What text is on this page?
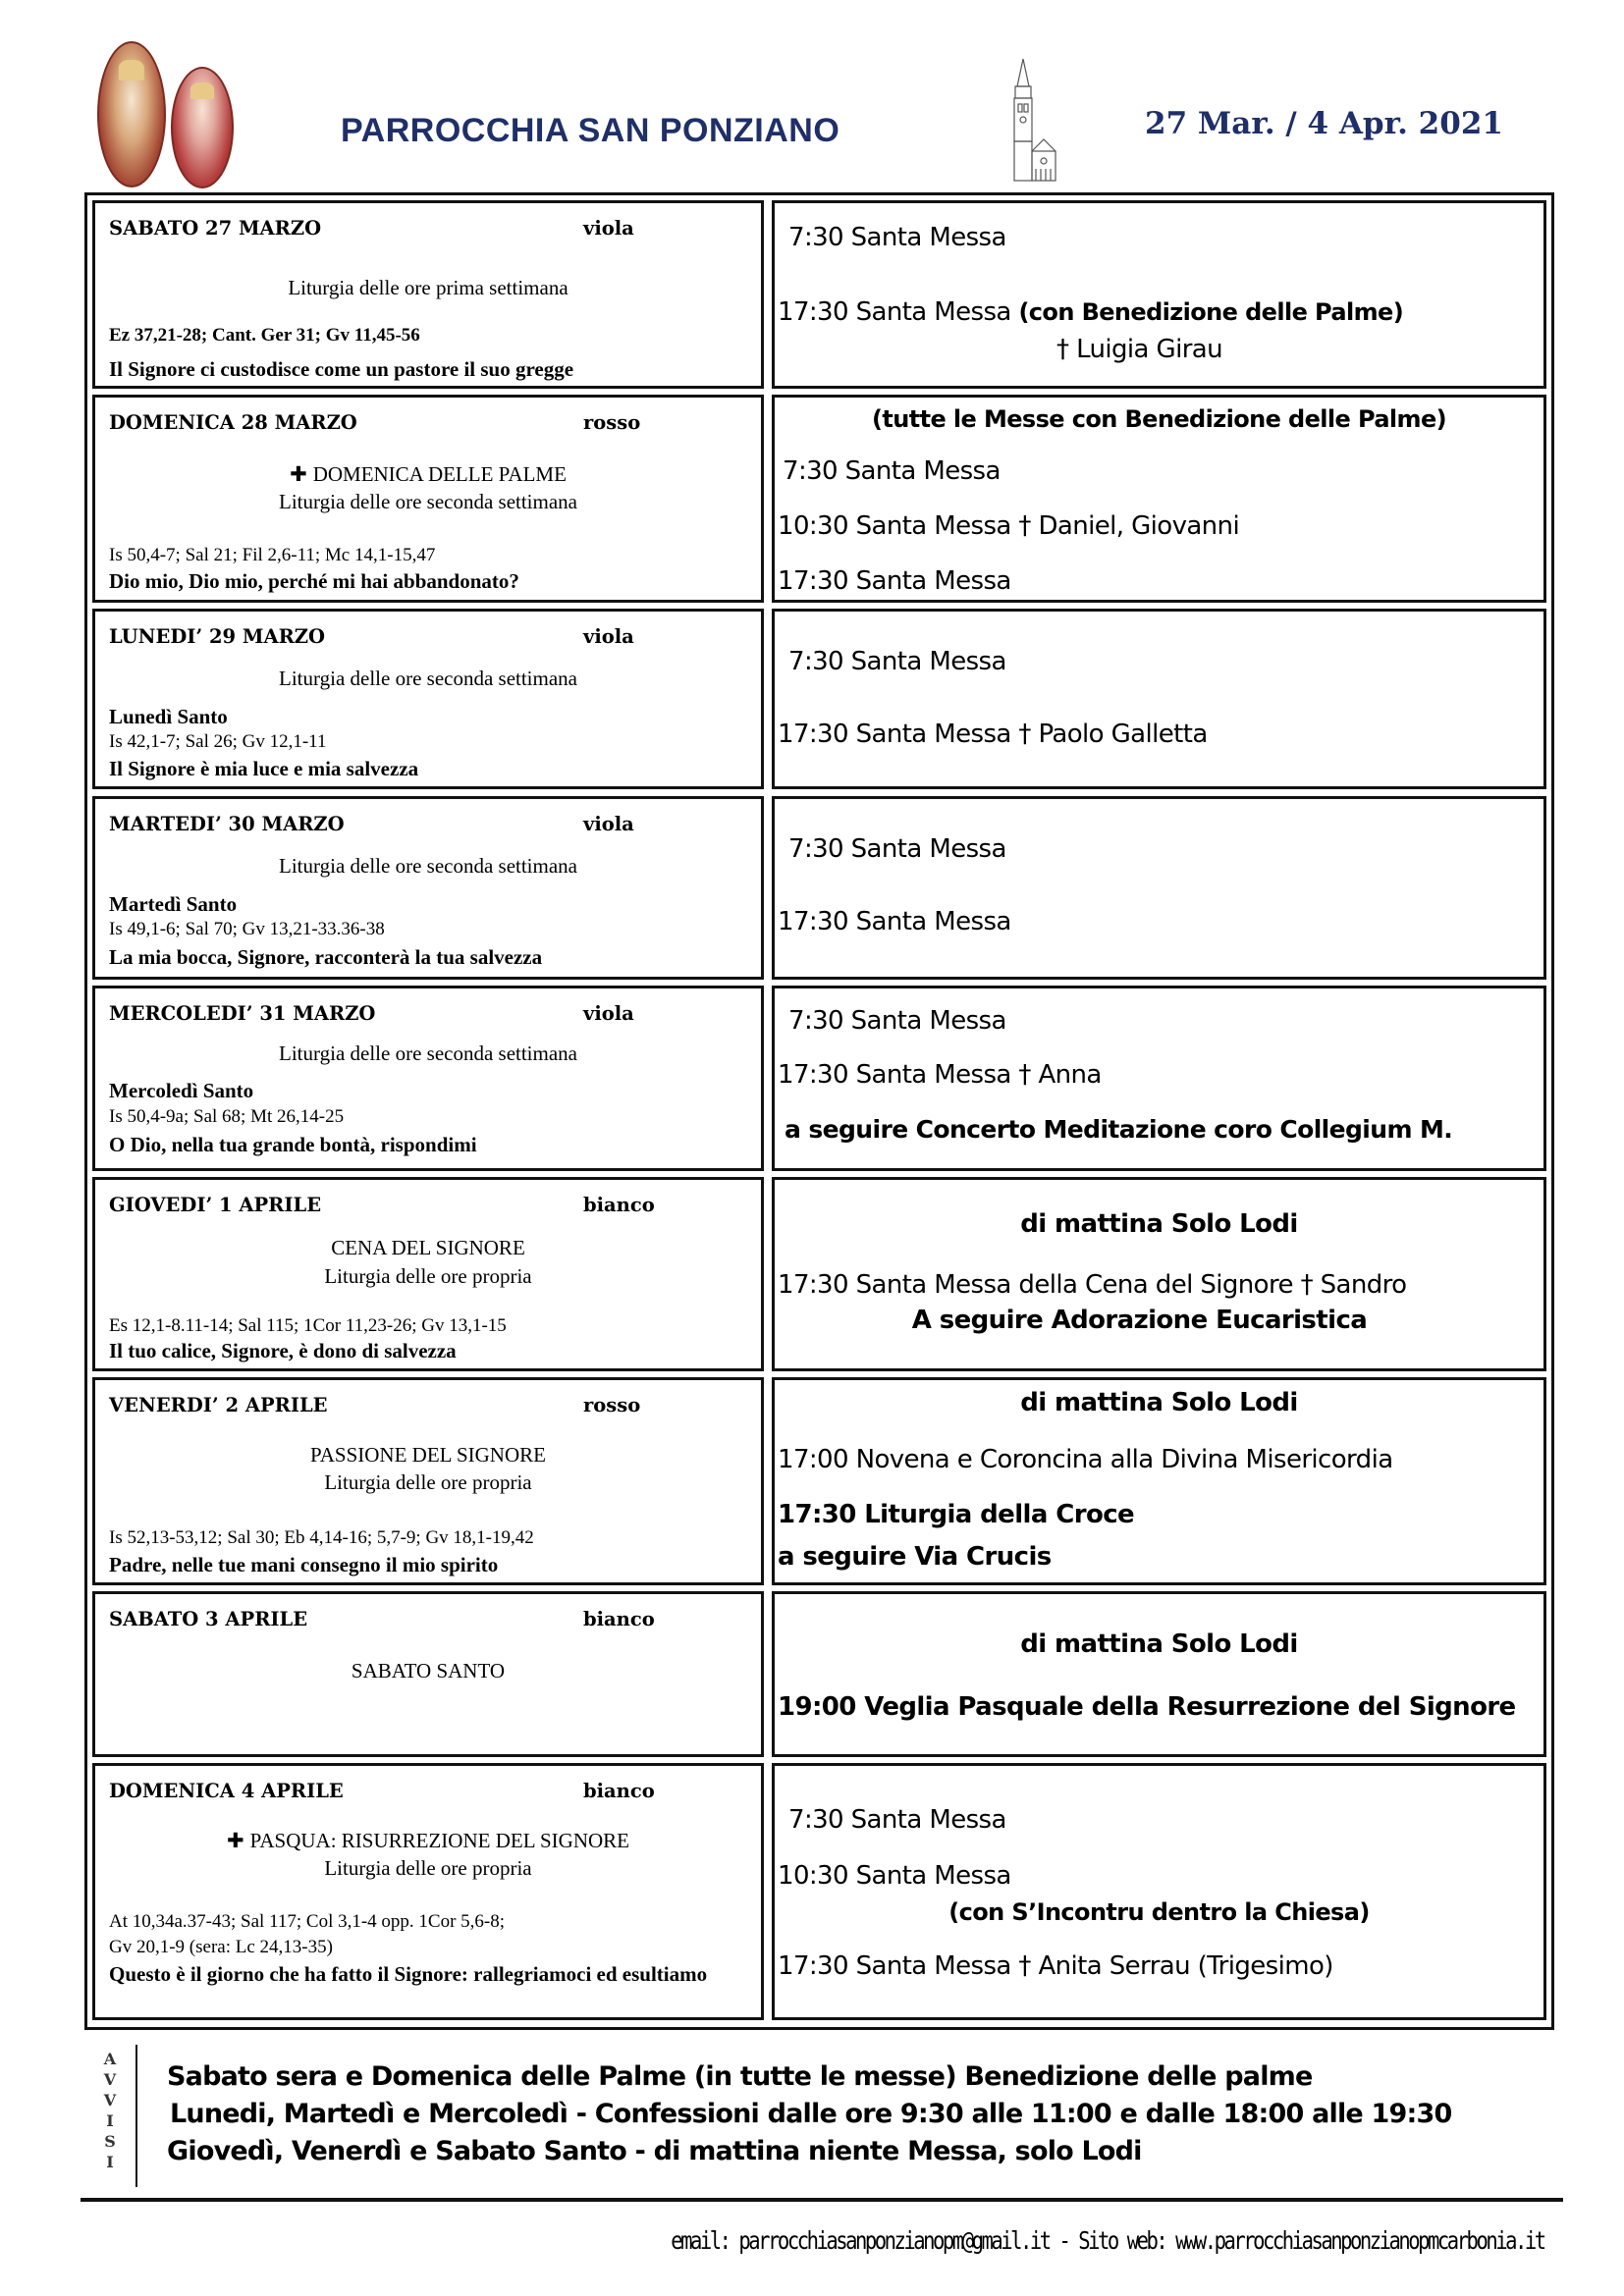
PARROCCHIA SAN PONZIANO	27 Mar. / 4 Apr. 2021
SABATO 27 MARZO	viola
Liturgia delle ore prima settimana
Ez 37,21-28; Cant. Ger 31; Gv 11,45-56
Il Signore ci custodisce come un pastore il suo gregge
7:30 Santa Messa
17:30 Santa Messa (con Benedizione delle Palme)
† Luigia Girau
DOMENICA 28 MARZO	rosso
✚ DOMENICA DELLE PALME
Liturgia delle ore seconda settimana
Is 50,4-7; Sal 21; Fil 2,6-11; Mc 14,1-15,47
Dio mio, Dio mio, perché mi hai abbandonato?
(tutte le Messe con Benedizione delle Palme)
7:30 Santa Messa
10:30 Santa Messa † Daniel, Giovanni
17:30 Santa Messa
LUNEDI’ 29 MARZO	viola
Liturgia delle ore seconda settimana
Lunedì Santo
Is 42,1-7; Sal 26; Gv 12,1-11
Il Signore è mia luce e mia salvezza
7:30 Santa Messa
17:30 Santa Messa † Paolo Galletta
MARTEDI’ 30 MARZO	viola
Liturgia delle ore seconda settimana
Martedì Santo
Is 49,1-6; Sal 70; Gv 13,21-33.36-38
La mia bocca, Signore, racconterà la tua salvezza
7:30 Santa Messa
17:30 Santa Messa
MERCOLEDI’ 31 MARZO	viola
Liturgia delle ore seconda settimana
Mercoledì Santo
Is 50,4-9a; Sal 68; Mt 26,14-25
O Dio, nella tua grande bontà, rispondimi
7:30 Santa Messa
17:30 Santa Messa † Anna
a seguire Concerto Meditazione coro Collegium M.
GIOVEDI’ 1 APRILE	bianco
CENA DEL SIGNORE
Liturgia delle ore propria
Es 12,1-8.11-14; Sal 115; 1Cor 11,23-26; Gv 13,1-15
Il tuo calice, Signore, è dono di salvezza
di mattina Solo Lodi
17:30 Santa Messa della Cena del Signore † Sandro
A seguire Adorazione Eucaristica
VENERDI’ 2 APRILE	rosso
PASSIONE DEL SIGNORE
Liturgia delle ore propria
Is 52,13-53,12; Sal 30; Eb 4,14-16; 5,7-9; Gv 18,1-19,42
Padre, nelle tue mani consegno il mio spirito
di mattina Solo Lodi
17:00 Novena e Coroncina alla Divina Misericordia
17:30 Liturgia della Croce
a seguire Via Crucis
SABATO 3 APRILE	bianco
SABATO SANTO
di mattina Solo Lodi
19:00 Veglia Pasquale della Resurrezione del Signore
DOMENICA 4 APRILE	bianco
✚ PASQUA: RISURREZIONE DEL SIGNORE
Liturgia delle ore propria
At 10,34a.37-43; Sal 117; Col 3,1-4 opp. 1Cor 5,6-8;
Gv 20,1-9 (sera: Lc 24,13-35)
Questo è il giorno che ha fatto il Signore: rallegriamoci ed esultiamo
7:30 Santa Messa
10:30 Santa Messa
(con S’Incontru dentro la Chiesa)
17:30 Santa Messa † Anita Serrau (Trigesimo)
A
V
V
I
S
I
Sabato sera e Domenica delle Palme (in tutte le messe) Benedizione delle palme
Lunedi, Martedì e Mercoledì - Confessioni dalle ore 9:30 alle 11:00 e dalle 18:00 alle 19:30
Giovedì, Venerdì e Sabato Santo - di mattina niente Messa, solo Lodi
email: parrocchiasanponzianopm@gmail.it - Sito web: www.parrocchiasanponzianopmcarbonia.it
